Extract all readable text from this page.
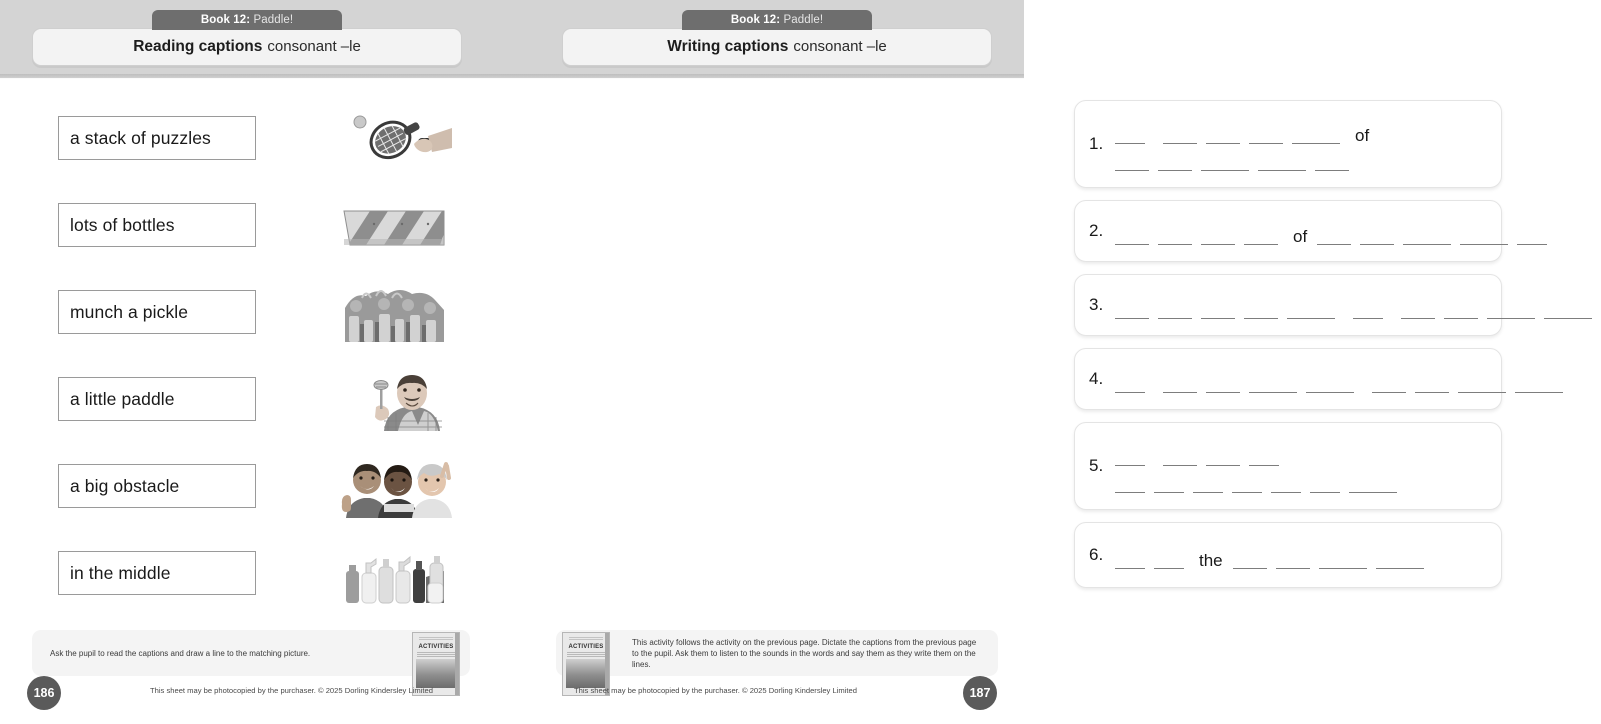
Book 12: Paddle!
Reading captions consonant –le
a stack of puzzles
lots of bottles
munch a pickle
a little paddle
a big obstacle
in the middle
Ask the pupil to read the captions and draw a line to the matching picture.
ACTIVITIES
This sheet may be photocopied by the purchaser. © 2025 Dorling Kindersley Limited
186
Book 12: Paddle!
Writing captions consonant –le
1.	of
2.	of
3.
4.
5.
6.	the
This activity follows the activity on the previous page. Dictate the captions from the previous page to the pupil. Ask them to listen to the sounds in the words and say them as they write them on the lines.
ACTIVITIES
This sheet may be photocopied by the purchaser. © 2025 Dorling Kindersley Limited	187
